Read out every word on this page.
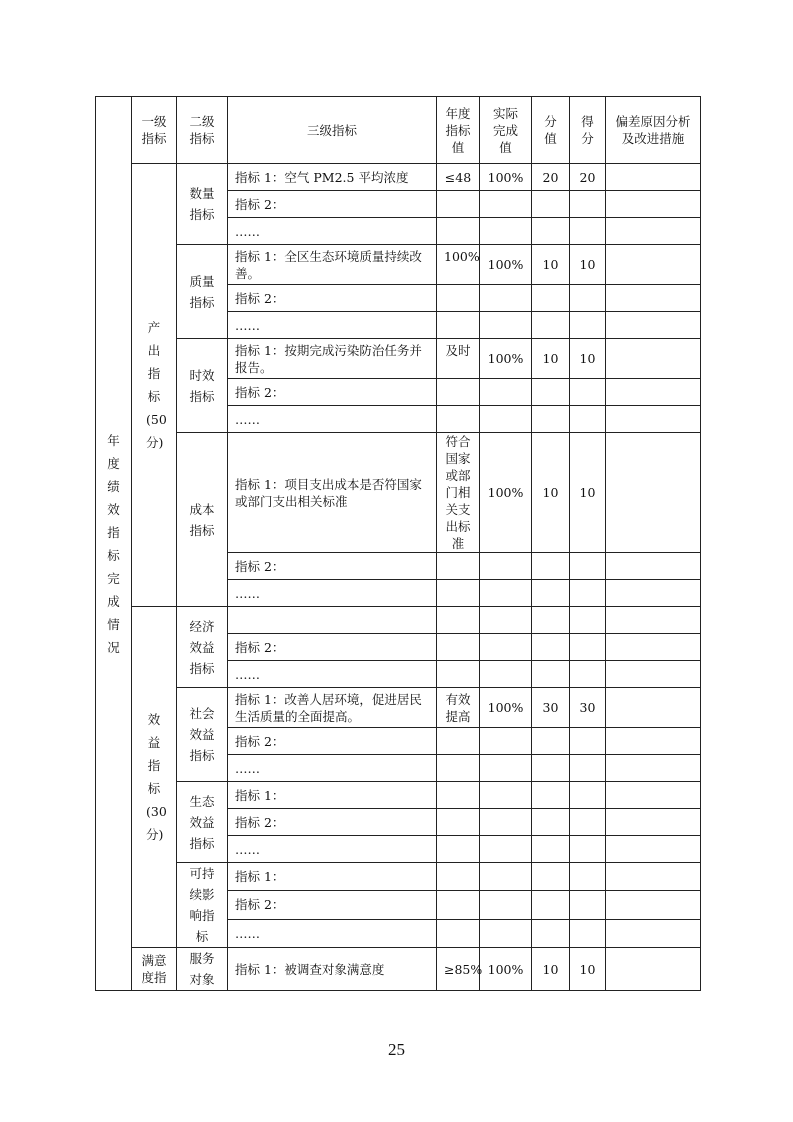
年度绩效指标完成情况	一级指标	二级指标	三级指标	年度指标值	实际完成值	分值	得分	偏差原因分析及改进措施
	产出指标(50分)	数量指标	指标 1：空气 PM2.5 平均浓度	≤48	100%	20	20	
			指标 2：					
			……					
		质量指标	指标 1：全区生态环境质量持续改善。	100%	100%	10	10	
			指标 2：					
			……					
		时效指标	指标 1：按期完成污染防治任务并报告。	及时	100%	10	10	
			指标 2：					
			……					
		成本指标	指标 1：项目支出成本是否符国家或部门支出相关标准	符合国家或部门相关支出标准	100%	10	10	
			指标 2：					
			……					
	效益指标(30分)	经济效益指标						
			指标 2：					
			……					
		社会效益指标	指标 1：改善人居环境，促进居民生活质量的全面提高。	有效提高	100%	30	30	
			指标 2：					
			……					
		生态效益指标	指标 1：					
			指标 2：					
			……					
		可持续影响指标	指标 1：					
			指标 2：					
			……					
	满意度指	服务对象	指标 1：被调查对象满意度	≥85%	100%	10	10	
25
